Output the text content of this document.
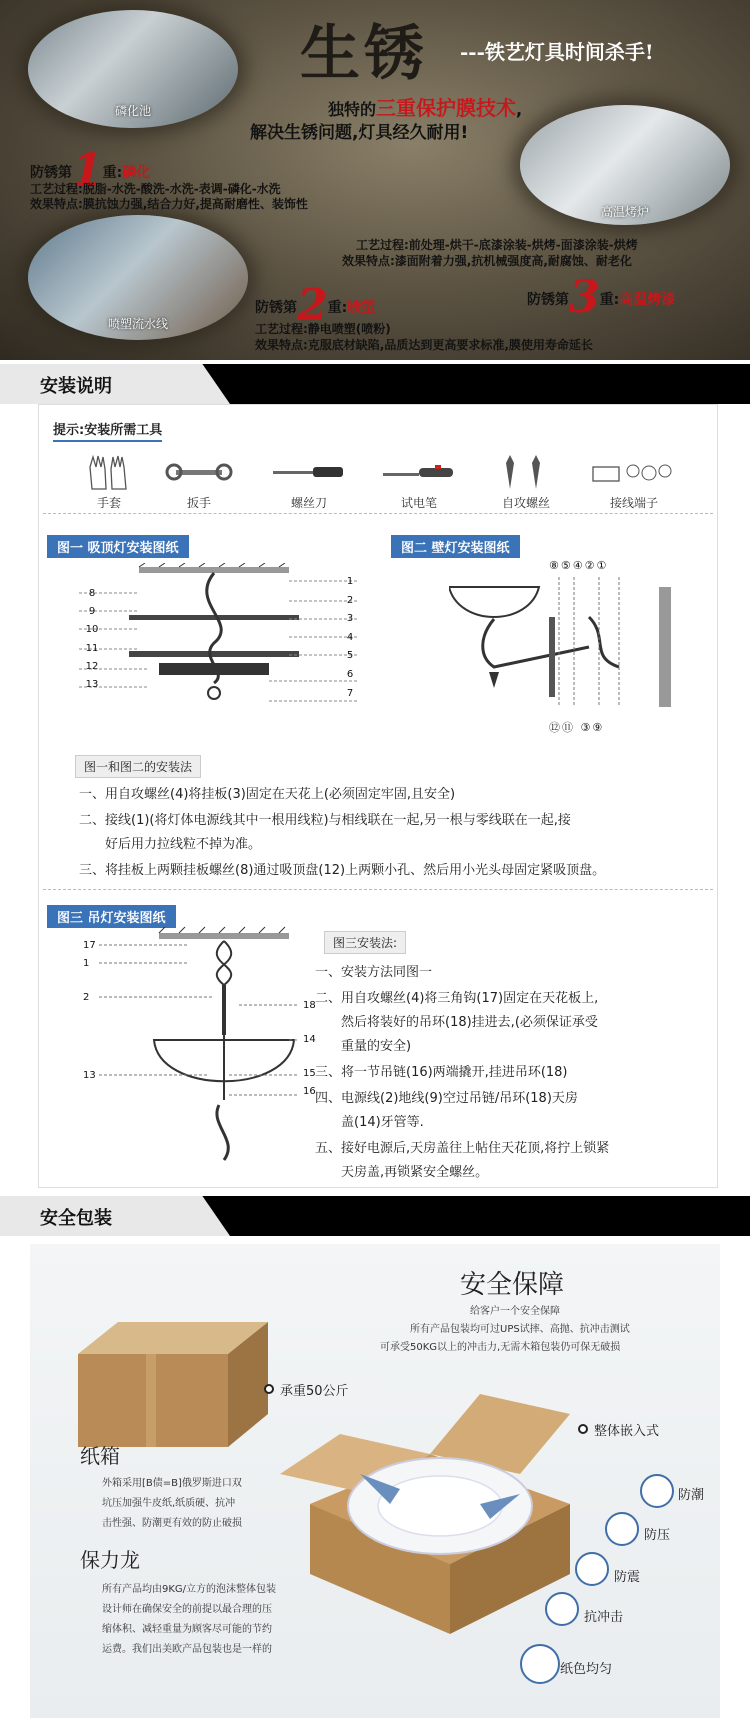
磷化池
高温烤炉
喷塑流水线
生锈 ---铁艺灯具时间杀手!
独特的三重保护膜技术,
解决生锈问题,灯具经久耐用!
防锈第1重:磷化
工艺过程:脱脂-水洗-酸洗-水洗-表调-磷化-水洗
效果特点:膜抗蚀力强,结合力好,提高耐磨性、装饰性
工艺过程:前处理-烘干-底漆涂装-烘烤-面漆涂装-烘烤
效果特点:漆面附着力强,抗机械强度高,耐腐蚀、耐老化
防锈第2重:喷塑	防锈第3重:高温烤漆
工艺过程:静电喷塑(喷粉)
效果特点:克服底材缺陷,品质达到更高要求标准,膜使用寿命延长
安装说明
提示:安装所需工具
手套	扳手	螺丝刀	试电笔	自攻螺丝	接线端子
图一 吸顶灯安装图纸	图二 壁灯安装图纸
8
9
10
11
12
13
1
2
3
4
5
6
7
⑧⑤④②①
⑫⑪ ③⑨
图一和图二的安装法
一、用自攻螺丝(4)将挂板(3)固定在天花上(必须固定牢固,且安全)
二、接线(1)(将灯体电源线其中一根用线粒)与相线联在一起,另一根与零线联在一起,接
好后用力拉线粒不掉为准。
三、将挂板上两颗挂板螺丝(8)通过吸顶盘(12)上两颗小孔、然后用小光头母固定紧吸顶盘。
图三 吊灯安装图纸
17
1
2
13
18
14
15
16
图三安装法:
一、安装方法同图一
二、用自攻螺丝(4)将三角钩(17)固定在天花板上,
然后将装好的吊环(18)挂进去,(必须保证承受
重量的安全)
三、将一节吊链(16)两端撬开,挂进吊环(18)
四、电源线(2)地线(9)空过吊链/吊环(18)天房
盖(14)牙管等.
五、接好电源后,天房盖往上帖住天花顶,将拧上锁紧
天房盖,再锁紧安全螺丝。
安全包装
安全保障
给客户一个安全保障
所有产品包装均可过UPS试摔、高抛、抗冲击测试
可承受50KG以上的冲击力,无需木箱包装仍可保无破损
承重50公斤
整体嵌入式
纸箱
外箱采用[B债=B]俄罗斯进口双
坑压加强牛皮纸,纸质硬、抗冲
击性强、防潮更有效的防止破损
保力龙
所有产品均由9KG/立方的泡沫整体包装
设计师在确保安全的前提以最合理的压
缩体积、减轻重量为顾客尽可能的节约
运费。我们出美欧产品包装也是一样的
防潮
防压
防震
抗冲击
纸色均匀
